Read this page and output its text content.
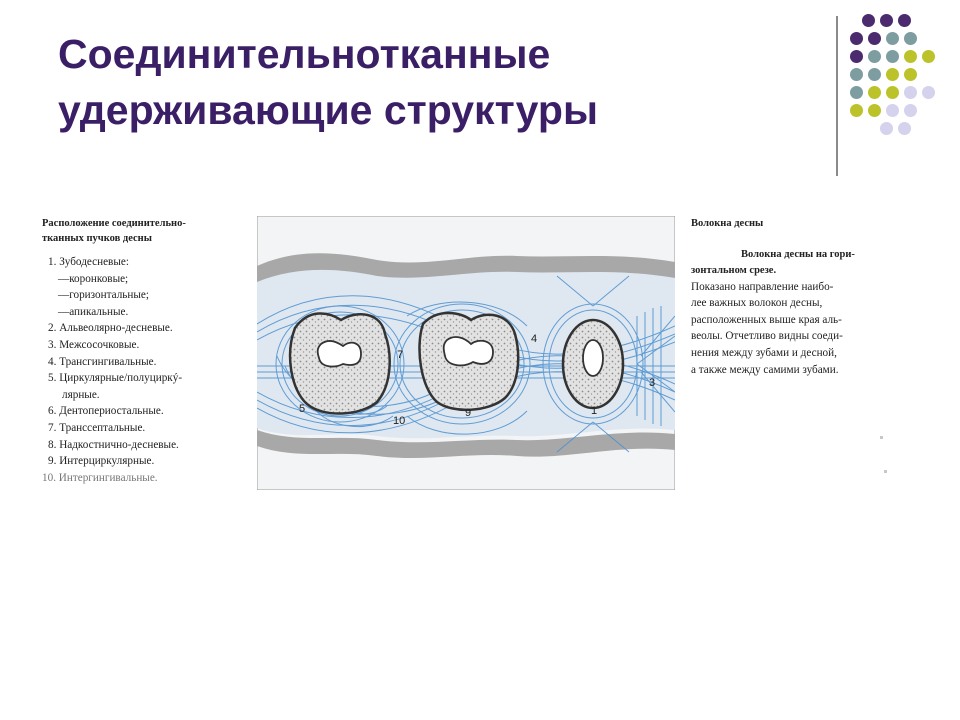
Соединительнотканные
удерживающие структуры
Расположение соединительно-
тканных пучков десны
1. Зубодесневые:
—коронковые;
—горизонтальные;
—апикальные.
2. Альвеолярно-десневые.
3. Межсосочковые.
4. Трансгингивальные.
5. Циркулярные/полуциркý-
лярные.
6. Дентопериостальные.
7. Транссептальные.
8. Надкостнично-десневые.
9. Интерциркулярные.
10. Интергингивальные.
1
3
4
5
7
9
10
Волокна десны
Волокна десны на гори-
зонтальном срезе.
Показано направление наибо-
лее важных волокон десны,
расположенных выше края аль-
веолы. Отчетливо видны соеди-
нения между зубами и десной,
а также между самими зубами.
